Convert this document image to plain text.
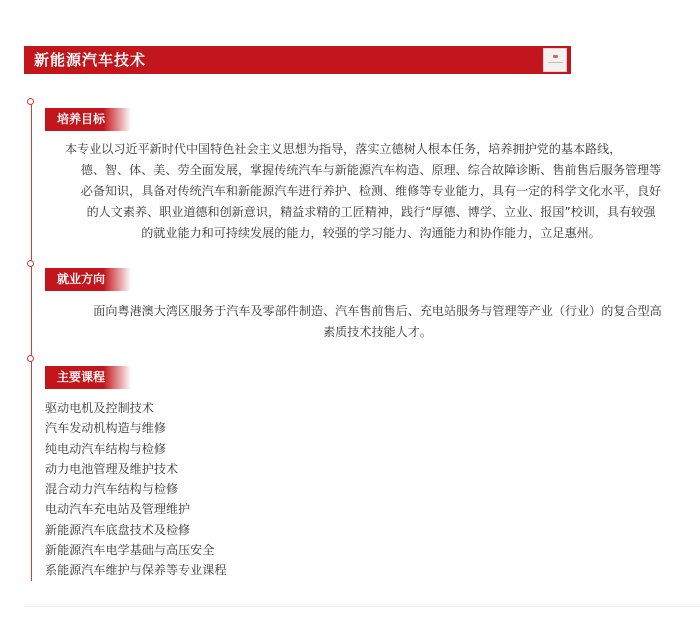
新能源汽车技术
培养目标
本专业以习近平新时代中国特色社会主义思想为指导，落实立德树人根本任务，培养拥护党的基本路线，
德、智、体、美、劳全面发展，掌握传统汽车与新能源汽车构造、原理、综合故障诊断、售前售后服务管理等
必备知识，具备对传统汽车和新能源汽车进行养护、检测、维修等专业能力，具有一定的科学文化水平，良好
的人文素养、职业道德和创新意识，精益求精的工匠精神，践行“厚德、博学、立业、报国”校训，具有较强
的就业能力和可持续发展的能力，较强的学习能力、沟通能力和协作能力，立足惠州。
就业方向
面向粤港澳大湾区服务于汽车及零部件制造、汽车售前售后、充电站服务与管理等产业（行业）的复合型高
素质技术技能人才。
主要课程
驱动电机及控制技术
汽车发动机构造与维修
纯电动汽车结构与检修
动力电池管理及维护技术
混合动力汽车结构与检修
电动汽车充电站及管理维护
新能源汽车底盘技术及检修
新能源汽车电学基础与高压安全
系能源汽车维护与保养等专业课程
